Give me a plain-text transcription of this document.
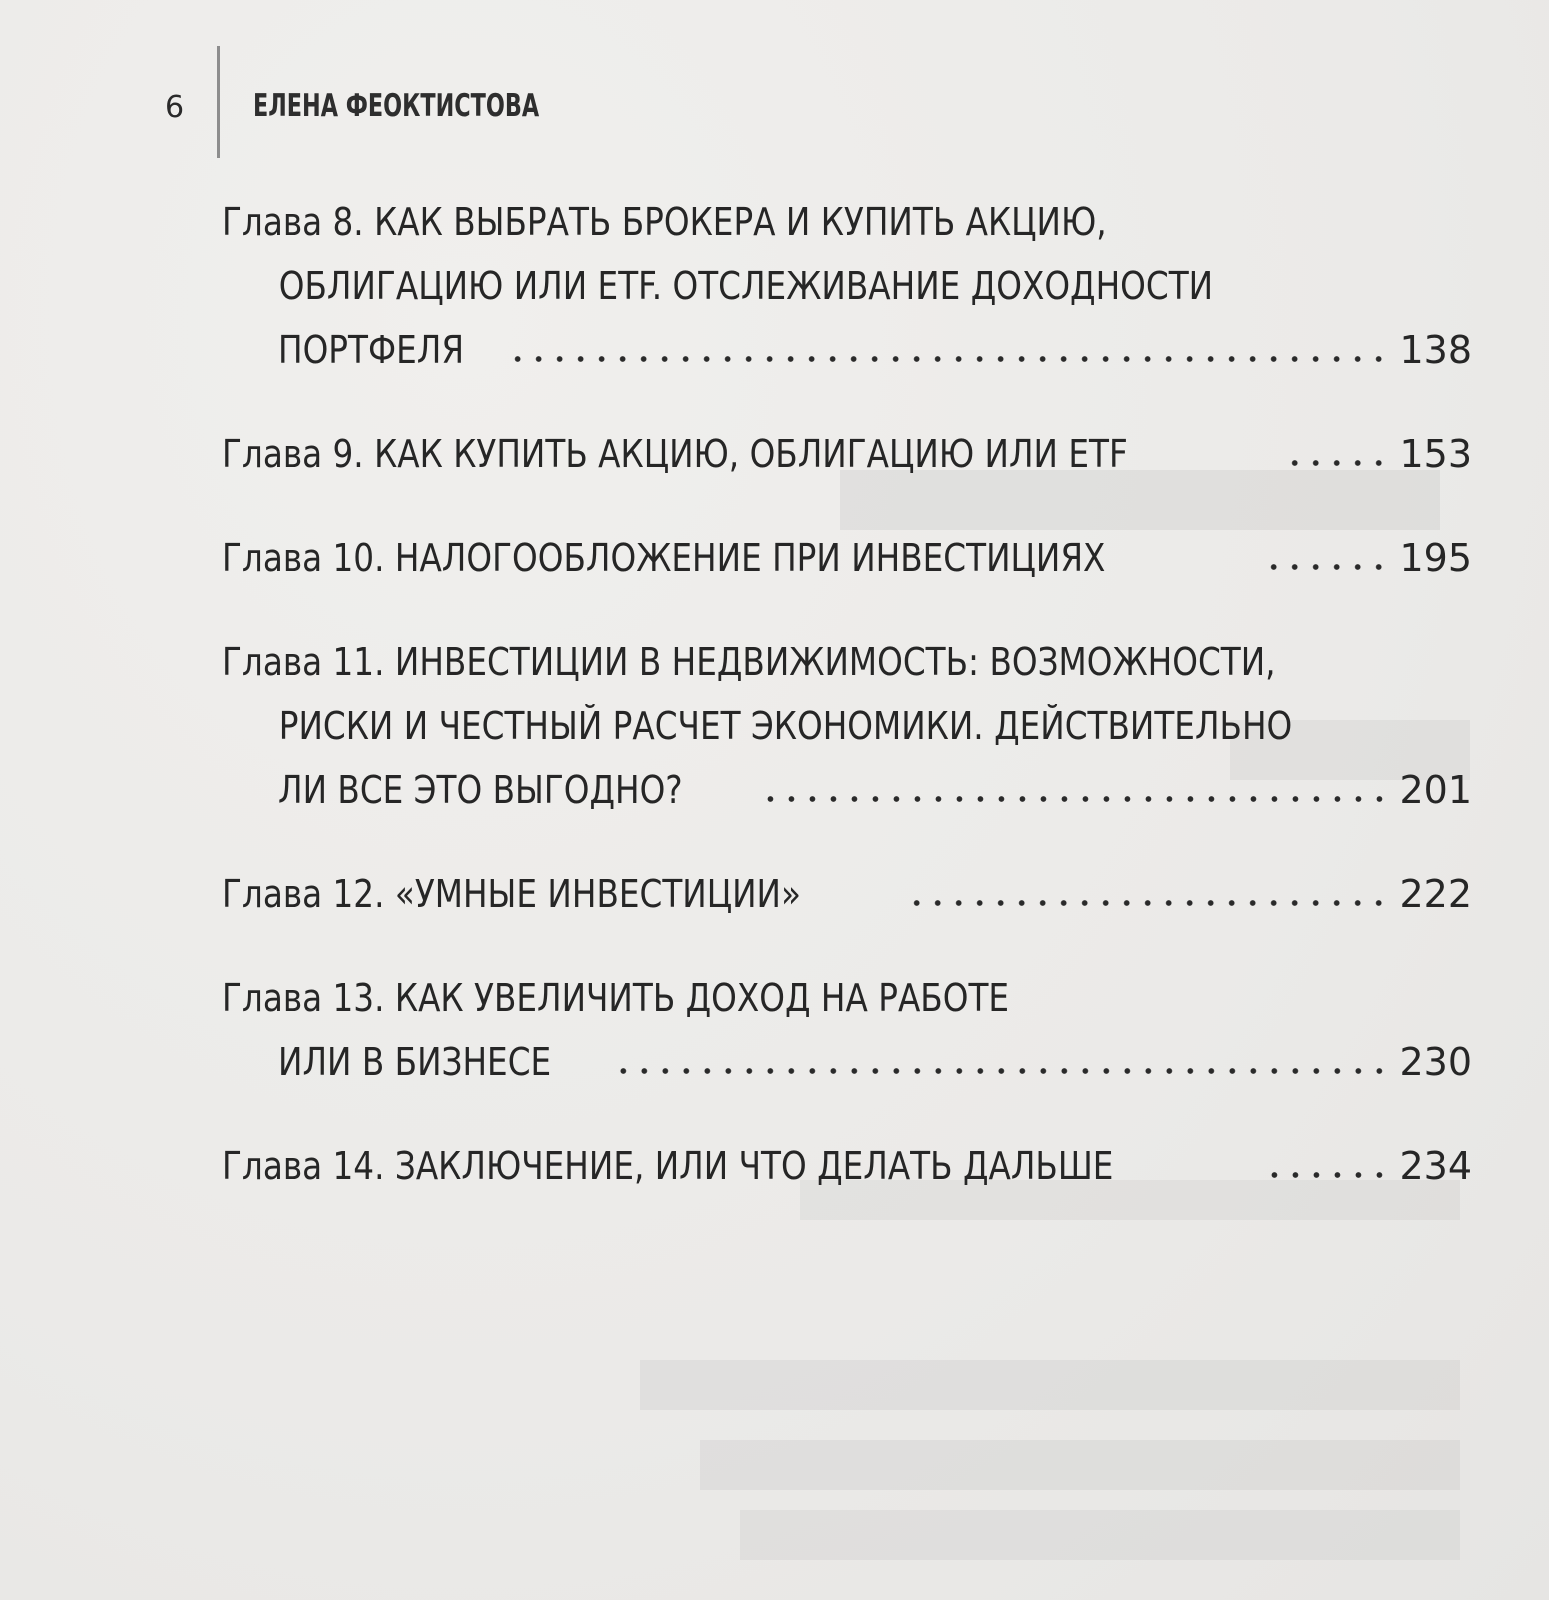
6 ЕЛЕНА ФЕОКТИСТОВА
Глава 8. КАК ВЫБРАТЬ БРОКЕРА И КУПИТЬ АКЦИЮ,
ОБЛИГАЦИЮ ИЛИ ETF. ОТСЛЕЖИВАНИЕ ДОХОДНОСТИ
ПОРТФЕЛЯ	138
Глава 9. КАК КУПИТЬ АКЦИЮ, ОБЛИГАЦИЮ ИЛИ ETF	153
Глава 10. НАЛОГООБЛОЖЕНИЕ ПРИ ИНВЕСТИЦИЯХ	195
Глава 11. ИНВЕСТИЦИИ В НЕДВИЖИМОСТЬ: ВОЗМОЖНОСТИ,
РИСКИ И ЧЕСТНЫЙ РАСЧЕТ ЭКОНОМИКИ. ДЕЙСТВИТЕЛЬНО
ЛИ ВСЕ ЭТО ВЫГОДНО?	201
Глава 12. «УМНЫЕ ИНВЕСТИЦИИ»	222
Глава 13. КАК УВЕЛИЧИТЬ ДОХОД НА РАБОТЕ
ИЛИ В БИЗНЕСЕ	230
Глава 14. ЗАКЛЮЧЕНИЕ, ИЛИ ЧТО ДЕЛАТЬ ДАЛЬШЕ	234
